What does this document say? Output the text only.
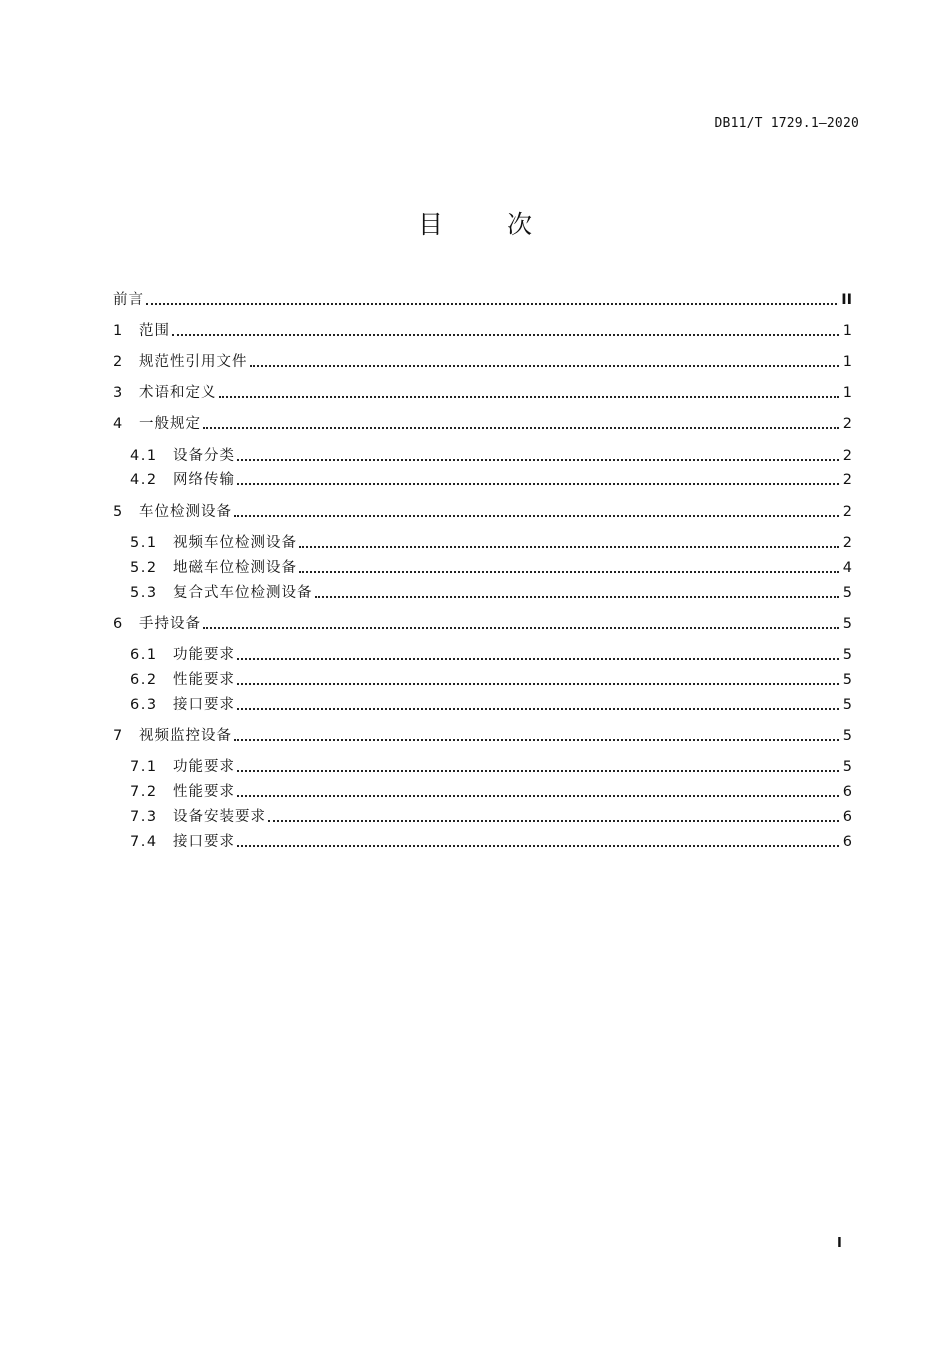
DB11/T 1729.1—2020
目	次
前言	II
1	范围	1
2	规范性引用文件	1
3	术语和定义	1
4	一般规定	2
4.1	设备分类	2
4.2	网络传输	2
5	车位检测设备	2
5.1	视频车位检测设备	2
5.2	地磁车位检测设备	4
5.3	复合式车位检测设备	5
6	手持设备	5
6.1	功能要求	5
6.2	性能要求	5
6.3	接口要求	5
7	视频监控设备	5
7.1	功能要求	5
7.2	性能要求	6
7.3	设备安装要求	6
7.4	接口要求	6
I
